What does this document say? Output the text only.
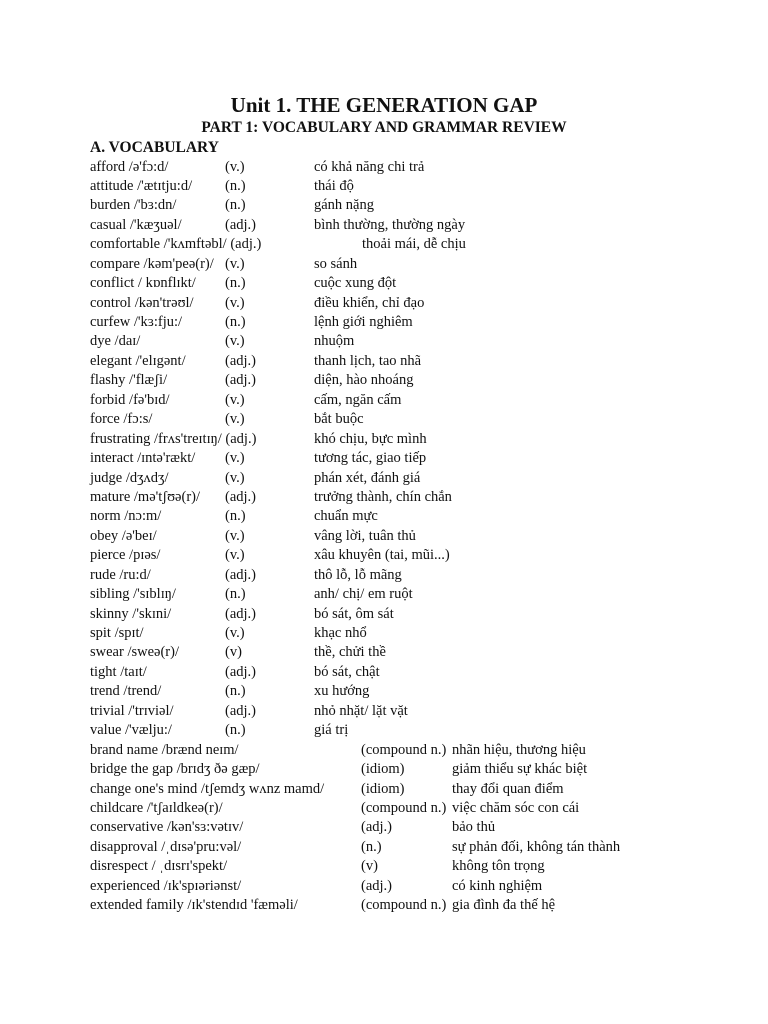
Unit 1. THE GENERATION GAP
PART 1: VOCABULARY AND GRAMMAR REVIEW
A. VOCABULARY
afford /ə'fɔ:d/	(v.)	có khả năng chi trả
attitude /'ætɪtju:d/ (n.)	thái độ
burden /'bɜ:dn/	(n.)	gánh nặng
casual /'kæʒuəl/	(adj.)	bình thường, thường ngày
comfortable /'kʌmftəbl/ (adj.)	thoải mái, dễ chịu
compare /kəm'peə(r)/ (v.)	so sánh
conflict / kɒnflɪkt/ (n.)	cuộc xung đột
control /kən'trəʊl/ (v.)	điều khiển, chỉ đạo
curfew /'kɜ:fju:/	(n.)	lệnh giới nghiêm
dye /daɪ/	(v.)	nhuộm
elegant /'elɪgənt/	(adj.)	thanh lịch, tao nhã
flashy /'flæʃi/	(adj.)	diện, hào nhoáng
forbid /fə'bɪd/	(v.)	cấm, ngăn cấm
force /fɔ:s/	(v.)	bắt buộc
frustrating /frʌs'treɪtɪŋ/ (adj.)	khó chịu, bực mình
interact /ɪntə'rækt/ (v.)	tương tác, giao tiếp
judge /dʒʌdʒ/	(v.)	phán xét, đánh giá
mature /mə'tʃʊə(r)/ (adj.)	trưởng thành, chín chắn
norm /nɔ:m/	(n.)	chuẩn mực
obey /ə'beɪ/	(v.)	vâng lời, tuân thủ
pierce /pɪəs/	(v.)	xâu khuyên (tai, mũi...)
rude /ru:d/	(adj.)	thô lỗ, lỗ mãng
sibling /'sɪblɪŋ/	(n.)	anh/ chị/ em ruột
skinny /'skɪni/	(adj.)	bó sát, ôm sát
spit /spɪt/	(v.)	khạc nhổ
swear /sweə(r)/	(v)	thề, chửi thề
tight /taɪt/	(adj.)	bó sát, chật
trend /trend/	(n.)	xu hướng
trivial /'trɪviəl/	(adj.)	nhỏ nhặt/ lặt vặt
value /'vælju:/	(n.)	giá trị
brand name /brænd neɪm/	(compound n.) nhãn hiệu, thương hiệu
bridge the gap /brɪdʒ ðə gæp/	(idiom)	giảm thiểu sự khác biệt
change one's mind /tʃemdʒ wʌnz mamd/	(idiom)	thay đổi quan điểm
childcare /'tʃaɪldkeə(r)/	(compound n.) việc chăm sóc con cái
conservative /kən'sɜ:vətɪv/	(adj.)	bảo thủ
disapproval /ˌdɪsə'pru:vəl/	(n.)	sự phản đối, không tán thành
disrespect / ˌdɪsrɪ'spekt/	(v)	không tôn trọng
experienced /ɪk'spɪəriənst/	(adj.)	có kinh nghiệm
extended family /ɪk'stendɪd 'fæməli/	(compound n.) gia đình đa thế hệ
